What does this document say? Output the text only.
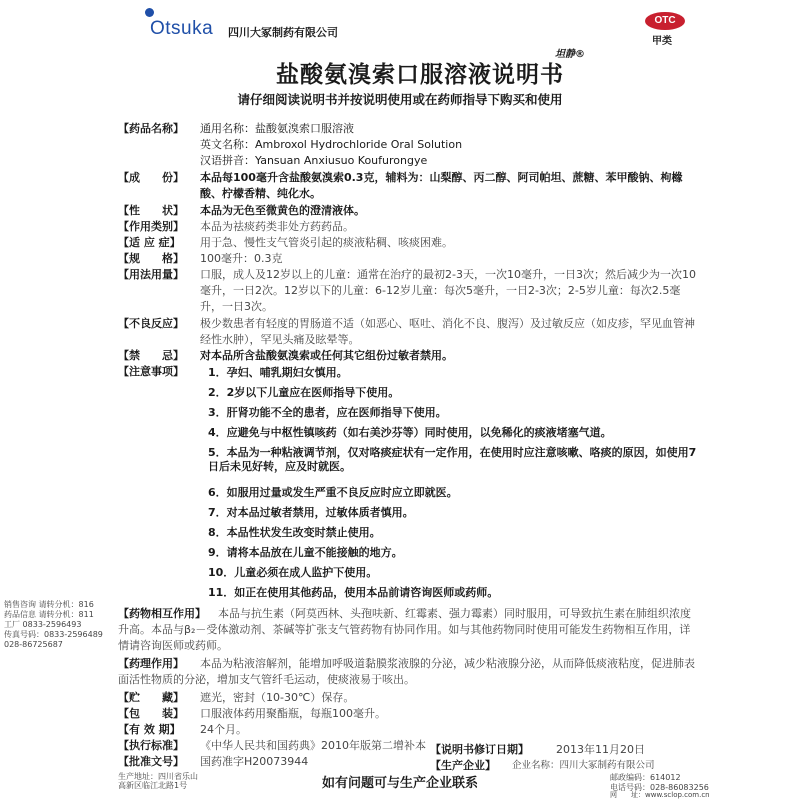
Otsuka 四川大冢制药有限公司
OTC
甲类
坦静®
盐酸氨溴索口服溶液说明书
请仔细阅读说明书并按说明使用或在药师指导下购买和使用
【药品名称】 通用名称：盐酸氨溴索口服溶液
英文名称：Ambroxol Hydrochloride Oral Solution
汉语拼音：Yansuan Anxiusuo Koufurongye
【成　　份】 本品每100毫升含盐酸氨溴索0.3克，辅料为：山梨醇、丙二醇、阿司帕坦、蔗糖、苯甲酸钠、枸橼酸、柠檬香精、纯化水。
【性　　状】 本品为无色至微黄色的澄清液体。
【作用类别】 本品为祛痰药类非处方药药品。
【适 应 症】 用于急、慢性支气管炎引起的痰液粘稠、咳痰困难。
【规　　格】 100毫升：0.3克
【用法用量】 口服，成人及12岁以上的儿童：通常在治疗的最初2-3天，一次10毫升，一日3次；然后减少为一次10毫升，一日2次。12岁以下的儿童：6-12岁儿童：每次5毫升，一日2-3次；2-5岁儿童：每次2.5毫升，一日3次。
【不良反应】 极少数患者有轻度的胃肠道不适（如恶心、呕吐、消化不良、腹泻）及过敏反应（如皮疹，罕见血管神经性水肿），罕见头痛及眩晕等。
【禁　　忌】 对本品所含盐酸氨溴索或任何其它组份过敏者禁用。
【注意事项】 1．孕妇、哺乳期妇女慎用。
2．2岁以下儿童应在医师指导下使用。
3．肝肾功能不全的患者，应在医师指导下使用。
4．应避免与中枢性镇咳药（如右美沙芬等）同时使用，以免稀化的痰液堵塞气道。
5．本品为一种粘液调节剂，仅对咯痰症状有一定作用，在使用时应注意咳嗽、咯痰的原因，如使用7日后未见好转，应及时就医。
6．如服用过量或发生严重不良反应时应立即就医。
7．对本品过敏者禁用，过敏体质者慎用。
8．本品性状发生改变时禁止使用。
9．请将本品放在儿童不能接触的地方。
10．儿童必须在成人监护下使用。
11．如正在使用其他药品，使用本品前请咨询医师或药师。
【药物相互作用】	本品与抗生素（阿莫西林、头孢呋新、红霉素、强力霉素）同时服用，可导致抗生素在肺组织浓度升高。本品与β₂－受体激动剂、茶碱等扩张支气管药物有协同作用。如与其他药物同时使用可能发生药物相互作用，详情请咨询医师或药师。
【药理作用】	本品为粘液溶解剂，能增加呼吸道黏膜浆液腺的分泌，减少粘液腺分泌，从而降低痰液粘度，促进肺表面活性物质的分泌，增加支气管纤毛运动，使痰液易于咳出。
【贮　　藏】 遮光，密封（10-30℃）保存。
【包　　装】 口服液体药用聚酯瓶，每瓶100毫升。
【有 效 期】 24个月。
【执行标准】 《中华人民共和国药典》2010年版第二增补本
【批准文号】 国药准字H20073944
【说明书修订日期】 2013年11月20日
【生产企业】 企业名称：四川大冢制药有限公司
如有问题可与生产企业联系
生产地址：四川省乐山高新区临江北路1号
邮政编码：614012
电话号码：028-86083256
网　　址：www.sclop.com.cn
销售咨询 请转分机：816
药品信息 请转分机：811
工厂 0833-2596493
传真号码：0833-2596489
028-86725687
